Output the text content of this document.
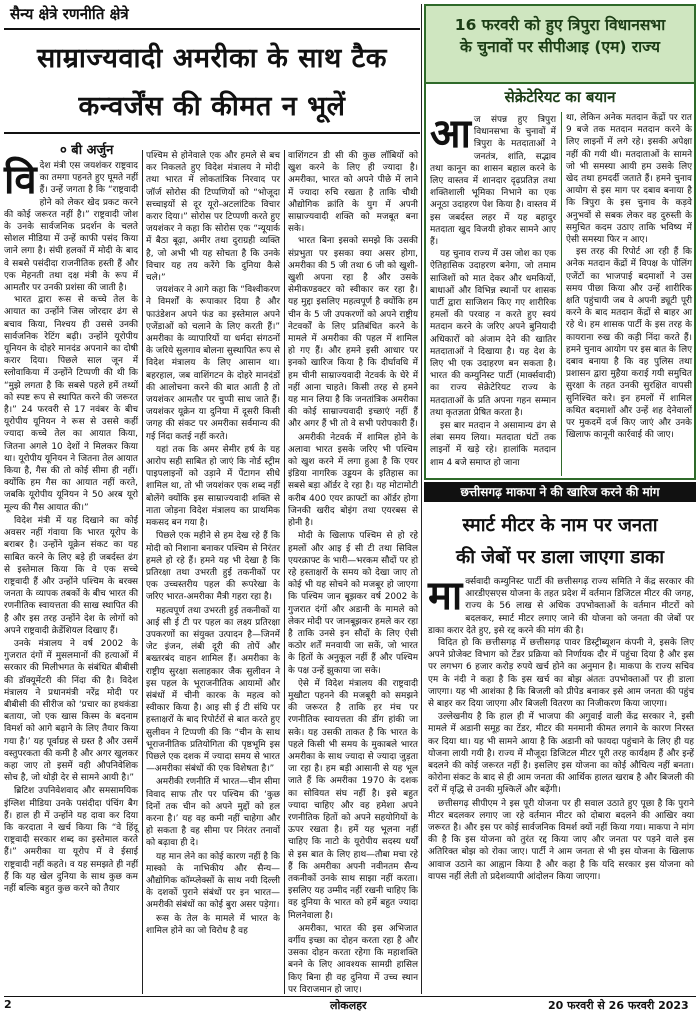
सैन्य क्षेत्रे रणनीति क्षेत्रे
साम्राज्यवादी अमरीका के साथ टैक
कन्वर्जेंस की कीमत न भूलें
० बी अर्जुन
विदेश मंत्री एस जयशंकर राष्ट्रवाद का तमगा पहनते हुए घूमते नहीं हैं। उन्हें जगता है कि “राष्ट्रवादी होने को लेकर खेद प्रकट करने की कोई जरूरत नहीं है।” राष्ट्रवादी जोश के उनके सार्वजनिक प्रदर्शन के चलते सोशल मीडिया में उन्हें काफी पसंद किया जाने लगा है। संघी हलकों में मोदी के बाद वे सबसे पसंदीदा राजनीतिक हस्ती हैं और एक मेहनती तथा दक्ष मंत्री के रूप में आमतौर पर उनकी प्रशंसा की जाती है।

भारत द्वारा रूस से कच्चे तेल के आयात का उन्होंने जिस जोरदार ढंग से बचाव किया, निश्चय ही उससे उनकी सार्वजनिक रेटिंग बढ़ी। उन्होंने यूरोपीय यूनियन के दोहरे मानदंड अपनाने का दोषी करार दिया। पिछले साल जून में स्लोवाकिया में उन्होंने टिप्पणी की थी कि “मुझे लगता है कि सबसे पहले हमें तथ्यों को स्पष्ट रूप से स्थापित करने की जरूरत है।” 24 फरवरी से 17 नवंबर के बीच यूरोपीय यूनियन ने रूस से उससे कहीं ज्यादा कच्चे तेल का आयात किया, जितना अगले 10 देशों ने मिलकर किया था। यूरोपीय यूनियन ने जितना तेल आयात किया है, गैस की तो कोई सीमा ही नहीं। क्योंकि हम गैस का आयात नहीं करते, जबकि यूरोपीय यूनियन ने 50 अरब यूरो मूल्य की गैस आयात की।”

विदेश मंत्री में यह दिखाने का कोई अवसर नहीं गंवाया कि भारत यूरोप के बराबर है। उन्होंने यूक्रेन संकट का यह साबित करने के लिए बड़े ही जबर्दस्त ढंग से इस्तेमाल किया कि वे एक सच्चे राष्ट्रवादी हैं और उन्होंने पश्चिम के बरक्स जनता के व्यापक तबकों के बीच भारत की रणनीतिक स्वायत्तता की साख स्थापित की है और इस तरह उन्होंने देश के लोगों को अपने राष्ट्रवादी क्रेडेंशियल दिखाए हैं।

उनके मंत्रालय ने वर्ष 2002 के गुजरात दंगों में मुसलमानों की हत्याओं में सरकार की मिलीभगत के संबंधित बीबीसी की डॉक्यूमेंटरी की निंदा की है। विदेश मंत्रालय ने प्रधानमंत्री नरेंद्र मोदी पर बीबीसी की सीरीज को ‘प्रचार का हथकंडा बताया, जो एक खास किस्म के बदनाम विमर्श को आगे बढ़ाने के लिए तैयार किया गया है।’ यह पूर्वाग्रह से ग्रस्त है और उसमें वस्तुपरकता की कमी है और अगर खुलकर कहा जाए तो इसमें वही औपनिवेशिक सोच है, जो थोड़ी देर से सामने आयी है।”

ब्रिटिश उपनिवेशवाद और समसामयिक इंग्लिश मीडिया उनके पसंदीदा पंचिंग बैग हैं। हाल ही में उन्होंने यह दावा कर दिया कि करदाता ने खर्च किया कि “वे हिंदू राष्ट्रवादी सरकार शब्द का इस्तेमाल करते हैं।” अमरीका या यूरोप में वे ईसाई राष्ट्रवादी नहीं कहते। व यह समझते ही नहीं हैं कि यह खेल दुनिया के साथ कुछ कम नहीं बल्कि बहुत कुछ करने को तैयार

पश्चिम से होनेवाले एक और हमले से बच कर निकलते हुए विदेश मंत्रालय ने मोदी तथा भारत में लोकतांत्रिक निरवाद पर जॉर्ज सोरोस की टिप्पणियों को “भोजूदा सच्चाइयों से दूर यूरो-अटलांटिक विचार करार दिया।” सोरोस पर टिप्पणी करते हुए जयशंकर ने कहा कि सोरोस एक “न्यूयार्क में बैठा बूढ़ा, अमीर तथा दुराग्रही व्यक्ति है, जो अभी भी यह सोचता है कि उनके विचार यह तय करेंगे कि दुनिया कैसे चले।”

जयशंकर ने आगे कहा कि “विश्वीकरण ने विमर्शों के रूपाकार दिया है और फाउंडेशन अपने फंड का इस्तेमाल अपने एजेंडाओं को चलाने के लिए करती हैं।” अमरीका के व्यापारियों या धर्मदा संगठनों के जरिये सुलगाव बोलना सुस्थापित रूप से विदेश मंत्रालय के लिए आसान था। बहरहाल, जब वाशिंगटन के दोहरे मानदंडों की आलोचना करने की बात आती है तो जयशंकर आमतौर पर चुप्पी साध जाते हैं। जयशंकर यूक्रेन या दुनिया में दूसरी किसी जगह की संकट पर अमरीका सर्वमान्य की गई निंदा कतई नहीं करते।

यहां तक कि अमर सेमीर हर्ष के यह आरोप सही साबित हो जाएं कि नोर्ड स्ट्रीम पाइपलाइनों को उड़ाने में पेंटागन सीधे शामिल था, तो भी जयशंकर एक शब्द नहीं बोलेंगे क्योंकि इस साम्राज्यवादी शक्ति से नाता जोड़ना विदेश मंत्रालय का प्राथमिक मकसद बन गया है।

पिछले एक महीने से हम देख रहे हैं कि मोदी को निशाना बनाकर पश्चिम से निरंतर हमले हो रहे हैं। हमने यह भी देखा है कि प्रतिरक्षा तथा उभरती हुई तकनीकों पर एक उच्चस्तरीय पहल की रूपरेखा के जरिए भारत-अमरीका मैत्री गहरा रहा है।

महत्वपूर्ण तथा उभरती हुई तकनीकों या आई सी ई टी पर पहल का लक्ष्य प्रतिरक्षा उपकरणों का संयुक्त उत्पादन है—जिनमें जेट इंजन, लंबी दूरी की तोपें और बख्तरबंद वाहन शामिल हैं। अमरीका के राष्ट्रीय सुरक्षा सलाहकार जैक सुलीवन ने इस पहल के भूराजनीतिक आयामों और संबंधों में चीनी कारक के महत्व को स्वीकार किया है। आइ सी ई टी संधि पर हस्ताक्षरों के बाद रिपोर्टरों से बात करते हुए सुलीवन ने टिप्पणी की कि “चीन के साथ भूराजनीतिक प्रतियोगिता की पृष्ठभूमि इस पिछले एक दशक में ज्यादा समय से भारत—अमरीका संबंधों की एक विशेषता है।”

अमरीकी रणनीति में भारत—चीन सीमा विवाद साफ तौर पर पश्चिम की ‘कुछ दिनों तक चीन को अपने मुद्दों को हल करना है।’ यह वह कमी नहीं चाहेगा और हो सकता है वह सीमा पर निरंतर तनावों को बढ़ावा ही दे।

यह मान लेने का कोई कारण नहीं है कि मास्को के नाभिकीय और सैन्य—औद्योगिक कॉम्प्लेक्सों के साथ नयी दिल्ली के दशकों पुराने संबंधों पर इन भारत—अमरीकी संबंधों का कोई बुरा असर पड़ेगा।

रूस के तेल के मामले में भारत के शामिल होने का जो विरोध है वह

वाशिंगटन डी सी की कुछ लॉबियों को खुश करने के लिए ही ज्यादा है। अमरीका, भारत को अपने पीछे में लाने में ज्यादा रुचि रखता है ताकि चौथी औद्योगिक क्रांति के युग में अपनी साम्राज्यवादी शक्ति को मजबूत बना सके।

भारत बिना इसको समझे कि उसकी संप्रभुता पर इसका क्या असर होगा, अमरीका की 5 जी तथा 6 जी को खुशी-खुशी अपना रहा है और उसके सेमीकण्डक्टर को स्वीकार कर रहा है। यह मुद्दा इसलिए महत्वपूर्ण है क्योंकि हम चीन के 5 जी उपकरणों को अपने राष्ट्रीय नेटवर्कों के लिए प्रतिबंधित करने के मामले में अमरीका की पहल में शामिल हो गए हैं। और हमने इसी आधार पर इनको खारिज किया है कि दीर्घावधि में हम चीनी साम्राज्यवादी नेटवर्क के घेरे में नहीं आना चाहते। किसी तरह से हमने यह मान लिया है कि जनतांत्रिक अमरीका की कोई साम्राज्यवादी इच्छाएं नहीं हैं और अगर हैं भी तो वे सभी परोपकारी हैं।

अमरीकी नेटवर्क में शामिल होने के अलावा भारत इसके जरिए भी पश्चिम को खुश करने में लगा हुआ है कि एयर इंडिया नागरिक उड्डयन के इतिहास का सबसे बड़ा ऑर्डर दे रहा है। यह मोटामोटी करीब 400 एयर क्राफ्टों का ऑर्डर होगा जिनकी खरीद बोइंग तथा एयरबस से होनी है।

मोदी के खिलाफ पश्चिम से हो रहे हमलों और आइ ई सी टी तथा सिविल एयरक्राफ्ट के भारी—भरकम सौदों पर हो रहे हस्ताक्षरों के समय को देखा जाए तो कोई भी यह सोचने को मजबूर हो जाएगा कि पश्चिम जान बूझकर वर्ष 2002 के गुजरात दंगों और अडानी के मामले को लेकर मोदी पर जानबूझकर हमले कर रहा है ताकि उनसे इन सौदों के लिए ऐसी कठोर शर्तें मनवायी जा सकें, जो भारत के हितों के अनुकूल नहीं हैं और पश्चिम के पक्ष उन्हें झुकाया जा सके।

ऐसे में विदेश मंत्रालय की राष्ट्रवादी मुखौटा पहनने की मजबूरी को समझने की जरूरत है ताकि हर मंच पर रणनीतिक स्वायत्तता की डींग हांकी जा सके। यह उसकी ताकत है कि भारत के पहले किसी भी समय के मुकाबले भारत अमरीका के साथ ज्यादा से ज्यादा जुड़ता जा रहा है। हम बड़ी आसानी से यह भूल जाते हैं कि अमरीका 1970 के दशक का सोवियत संघ नहीं है। इसे बहुत ज्यादा चाहिए और वह हमेशा अपने रणनीतिक हितों को अपने सहयोगियों के ऊपर रखता है। हमें यह भूलना नहीं चाहिए कि नाटो के यूरोपीय सदस्य धर्यों से इस बात के लिए हाथ—तौबा मचा रहे हैं कि अमरीका अपनी नवीनतम सैन्य तकनीकों उनके साथ साझा नहीं करता। इसलिए यह उम्मीद नहीं रखनी चाहिए कि वह दुनिया के भारत को हमें बहुत ज्यादा मिलनेवाला है।

अमरीका, भारत की इस अभिजात वर्गीय इच्छा का दोहन करता रहा है और उसका दोहन करता रहेगा कि महाशक्ति बनने के लिए आवश्यक सामग्री हासिल किए बिना ही वह दुनिया में उच्च स्थान पर विराजमान हो जाए।

16 फरवरी को हुए त्रिपुरा विधानसभा
के चुनावों पर सीपीआइ (एम) राज्य
सेक्रेटेरियट का बयान
आज संपन्न हुए त्रिपुरा विधानसभा के चुनावों में त्रिपुरा के मतदाताओं ने जनतंत्र, शांति, सद्भाव तथा कानून का शासन बहाल करने के लिए वास्तव में शानदार दृढ़प्रतिज्ञ तथा शक्तिशाली भूमिका निभाने का एक अनूठा उदाहरण पेश किया है। वास्तव में इस जबर्दस्त लहर में यह बहादुर मतदाता खुद विजयी होकर सामने आए हैं।

यह चुनाव राज्य में उस जोश का एक ऐतिहासिक उदाहरण बनेगा, जो तमाम साजिशों को मात देकर और धमकियों, बाधाओं और विभिन्न स्थानों पर शासक पार्टी द्वारा साजिशन किए गए शारीरिक हमलों की परवाह न करते हुए स्वयं मतदान करने के जरिए अपने बुनियादी अधिकारों को अंजाम देने की खातिर मतदाताओं ने दिखाया है। यह देश के लिए भी एक उदाहरण बन सकता है। भारत की कम्युनिस्ट पार्टी (मार्क्सवादी) का राज्य सेक्रेटेरियट राज्य के मतदाताओं के प्रति अपना गहन सम्मान तथा कृतज्ञता प्रेषित करता है।

इस बार मतदान ने असामान्य ढंग से लंबा समय लिया। मतदाता घंटों तक लाइनों में खड़े रहे। हालांकि मतदान शाम 4 बजे समाप्त हो जाना

था, लेकिन अनेक मतदान केंद्रों पर रात 9 बजे तक मतदान मतदान करने के लिए लाइनों में लगे रहे। इसकी अपेक्षा नहीं की गयी थी। मतदाताओं के सामने जो भी समस्या आयी हम उसके लिए खेद तथा हमदर्दी जताते हैं। हमने चुनाव आयोग से इस माग पर दबाव बनाया है कि त्रिपुरा के इस चुनाव के कड़वे अनुभवों से सबक लेकर वह दुरुस्ती के समुचित कदम उठाए ताकि भविष्य में ऐसी समस्या फिर न आए।

इस तरह की रिपोर्ट आ रही हैं कि अनेक मतदान केंद्रों में विपक्ष के पोलिंग एजेंटों का भाजपाई बदमाशों ने उस समय पीछा किया और उन्हें शारीरिक क्षति पहुंचायी जब वे अपनी ड्यूटी पूरी करने के बाद मतदान केंद्रों से बाहर आ रहे थे। हम शासक पार्टी के इस तरह के कायराना रुख की कड़ी निंदा करते हैं। हमने चुनाव आयोग पर इस बात के लिए दबाव बनाया है कि वह पुलिस तथा प्रशासन द्वारा मुहैया कराई गयी समुचित सुरक्षा के तहत उनकी सुरक्षित वापसी सुनिश्चित करे। इन हमलों में शामिल कथित बदमाशों और उन्हें शह देनेवालों पर मुकदमें दर्ज किए जाएं और उनके खिलाफ कानूनी कार्रवाई की जाए।

छत्तीसगढ़ माकपा ने की खारिज करने की मांग
स्मार्ट मीटर के नाम पर जनता
की जेबों पर डाला जाएगा डाका
मार्क्सवादी कम्युनिस्ट पार्टी की छत्तीसगढ़ राज्य समिति ने केंद्र सरकार की आरडीएसएस योजना के तहत प्रदेश में वर्तमान डिजिटल मीटर की जगह, राज्य के 56 लाख से अधिक उपभोक्ताओं के वर्तमान मीटरों को बदलकर, स्मार्ट मीटर लगाए जाने की योजना को जनता की जेबों पर डाका करार देते हुए, इसे रद्द करने की मांग की है।

विदित हो कि छत्तीसगढ़ में छत्तीसगढ़ पावर डिस्ट्रीब्यूशन कंपनी ने, इसके लिए अपने प्रोजेक्ट विभाग को टेंडर प्रक्रिया को निर्णायक दौर में पहुंचा दिया है और इस पर लगभग 6 हजार करोड़ रुपये खर्च होने का अनुमान है। माकपा के राज्य सचिव एम के नंदी ने कहा है कि इस खर्च का बोझ अंततः उपभोक्ताओं पर ही डाला जाएगा। यह भी आशंका है कि बिजली को प्रीपेड बनाकर इसे आम जनता की पहुंच से बाहर कर दिया जाएगा और बिजली वितरण का निजीकरण किया जाएगा।

उल्लेखनीय है कि हाल ही में भाजपा की अगुवाई वाली केंद्र सरकार ने, इसी मामले में अडानी समूह का टेंडर, मीटर की मनमानी कीमत लगाने के कारण निरस्त कर दिया था। यह भी सामने आया है कि अडानी को फायदा पहुंचाने के लिए ही यह योजना लायी गयी है। राज्य में मौजूदा डिजिटल मीटर पूरी तरह कार्यक्षम हैं और इन्हें बदलने की कोई जरूरत नहीं है। इसलिए इस योजना का कोई औचित्य नहीं बनता। कोरोना संकट के बाद से ही आम जनता की आर्थिक हालत खराब है और बिजली की दरों में वृद्धि से उनकी मुश्किलें और बढ़ेंगी।

छत्तीसगढ़ सीपीएम ने इस पूरी योजना पर ही सवाल उठाते हुए पूछा है कि पुराने मीटर बदलकर लगाए जा रहे वर्तमान मीटर को दोबारा बदलने की आखिर क्या जरूरत है। और इस पर कोई सार्वजनिक विमर्श क्यों नहीं किया गया। माकपा ने मांग की है कि इस योजना को तुरंत रद्द किया जाए और जनता पर पड़ने वाले इस अतिरिक्त बोझ को रोका जाए। पार्टी ने आम जनता से भी इस योजना के खिलाफ आवाज उठाने का आह्वान किया है और कहा है कि यदि सरकार इस योजना को वापस नहीं लेती तो प्रदेशव्यापी आंदोलन किया जाएगा।

2	लोकलहर	20 फरवरी से 26 फरवरी 2023
